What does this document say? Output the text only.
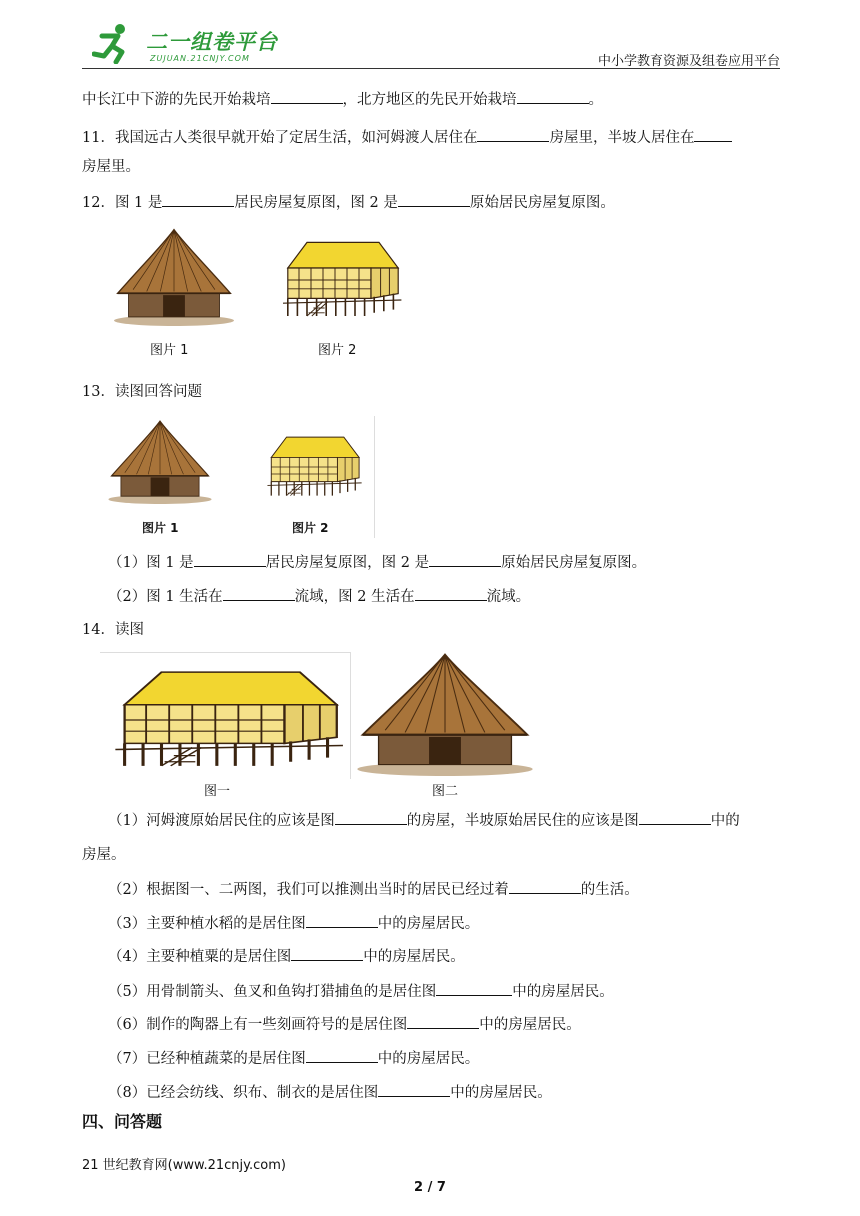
二一组卷平台
ZUJUAN.21CNJY.COM	中小学教育资源及组卷应用平台
中长江中下游的先民开始栽培	，北方地区的先民开始栽培	。
11．我国远古人类很早就开始了定居生活，如河姆渡人居住在	房屋里，半坡人居住在
房屋里。
12．图 1 是	居民房屋复原图，图 2 是	原始居民房屋复原图。
图片 1	图片 2
13．读图回答问题
图片 1	图片 2
（1）图 1 是	居民房屋复原图，图 2 是	原始居民房屋复原图。
（2）图 1 生活在	流域，图 2 生活在	流域。
14．读图
图一	图二
（1）河姆渡原始居民住的应该是图	的房屋，半坡原始居民住的应该是图	中的
房屋。
（2）根据图一、二两图，我们可以推测出当时的居民已经过着	的生活。
（3）主要种植水稻的是居住图	中的房屋居民。
（4）主要种植粟的是居住图	中的房屋居民。
（5）用骨制箭头、鱼叉和鱼钩打猎捕鱼的是居住图	中的房屋居民。
（6）制作的陶器上有一些刻画符号的是居住图	中的房屋居民。
（7）已经种植蔬菜的是居住图	中的房屋居民。
（8）已经会纺线、织布、制衣的是居住图	中的房屋居民。
四、问答题
21 世纪教育网(www.21cnjy.com)
2 / 7
